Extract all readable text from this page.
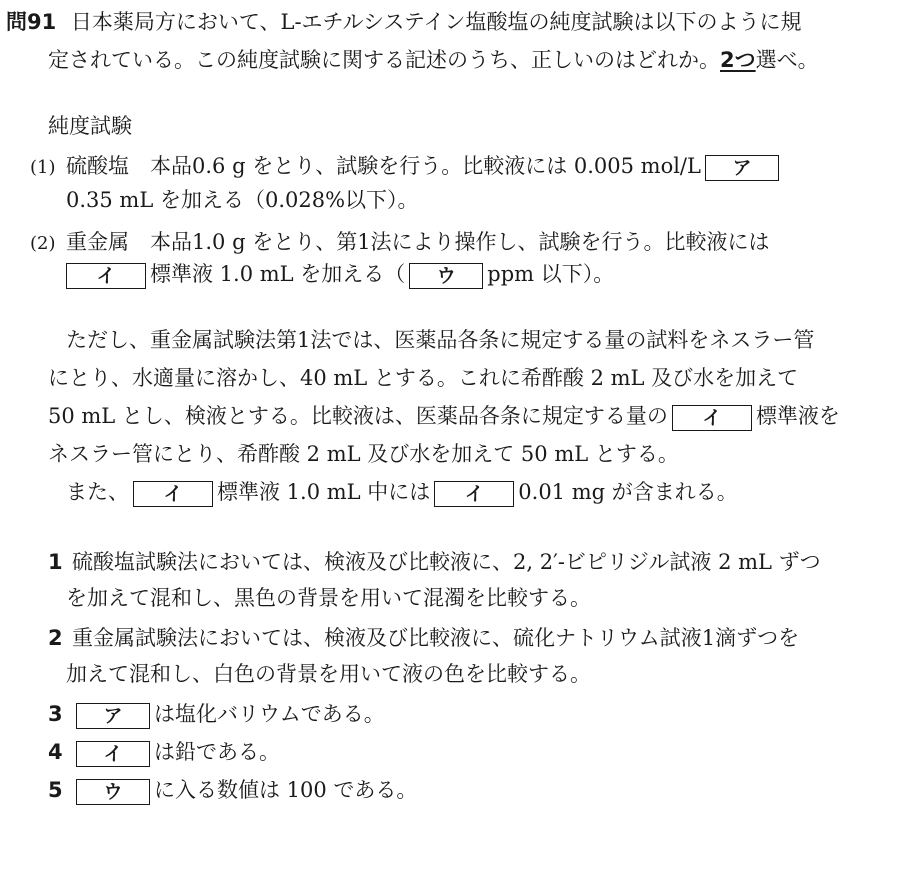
問91 日本薬局方において、L‑エチルシステイン塩酸塩の純度試験は以下のように規
定されている。この純度試験に関する記述のうち、正しいのはどれか。2つ選べ。
純度試験
(1) 硫酸塩　本品0.6 g をとり、試験を行う。比較液には 0.005 mol/L ア
0.35 mL を加える（0.028%以下）。
(2) 重金属　本品1.0 g をとり、第1法により操作し、試験を行う。比較液には
イ 標準液 1.0 mL を加える（ ウ ppm 以下）。
ただし、重金属試験法第1法では、医薬品各条に規定する量の試料をネスラー管
にとり、水適量に溶かし、40 mL とする。これに希酢酸 2 mL 及び水を加えて
50 mL とし、検液とする。比較液は、医薬品各条に規定する量の イ 標準液を
ネスラー管にとり、希酢酸 2 mL 及び水を加えて 50 mL とする。
また、 イ 標準液 1.0 mL 中には イ 0.01 mg が含まれる。
1 硫酸塩試験法においては、検液及び比較液に、2, 2′‑ビピリジル試液 2 mL ずつ
を加えて混和し、黒色の背景を用いて混濁を比較する。
2 重金属試験法においては、検液及び比較液に、硫化ナトリウム試液1滴ずつを
加えて混和し、白色の背景を用いて液の色を比較する。
3 ア は塩化バリウムである。
4 イ は鉛である。
5 ウ に入る数値は 100 である。
